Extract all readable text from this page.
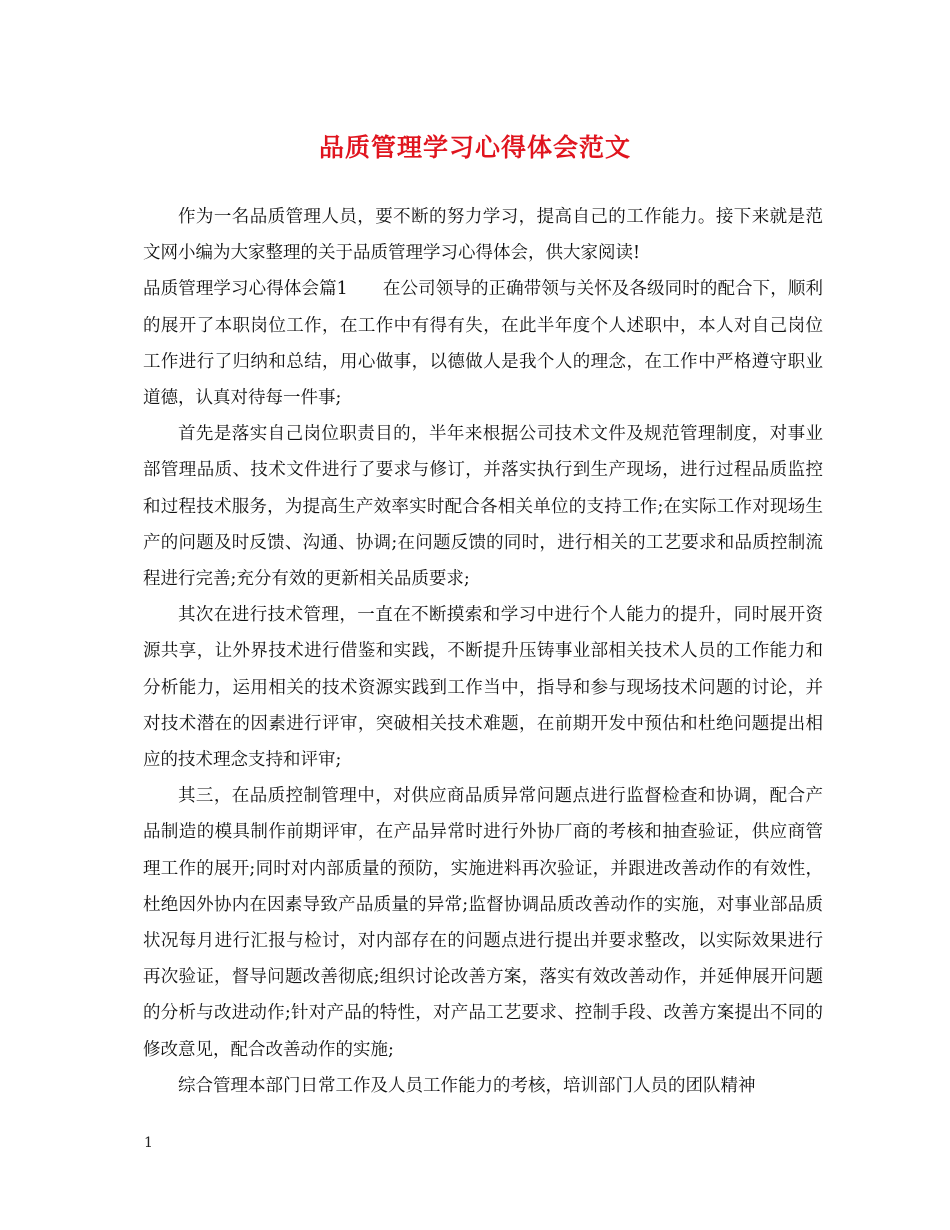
品质管理学习心得体会范文

作为一名品质管理人员，要不断的努力学习，提高自己的工作能力。接下来就是范文网小编为大家整理的关于品质管理学习心得体会，供大家阅读!

品质管理学习心得体会篇1 在公司领导的正确带领与关怀及各级同时的配合下，顺利的展开了本职岗位工作，在工作中有得有失，在此半年度个人述职中，本人对自己岗位工作进行了归纳和总结，用心做事，以德做人是我个人的理念，在工作中严格遵守职业道德，认真对待每一件事;

首先是落实自己岗位职责目的，半年来根据公司技术文件及规范管理制度，对事业部管理品质、技术文件进行了要求与修订，并落实执行到生产现场，进行过程品质监控和过程技术服务，为提高生产效率实时配合各相关单位的支持工作;在实际工作对现场生产的问题及时反馈、沟通、协调;在问题反馈的同时，进行相关的工艺要求和品质控制流程进行完善;充分有效的更新相关品质要求;

其次在进行技术管理，一直在不断摸索和学习中进行个人能力的提升，同时展开资源共享，让外界技术进行借鉴和实践，不断提升压铸事业部相关技术人员的工作能力和分析能力，运用相关的技术资源实践到工作当中，指导和参与现场技术问题的讨论，并对技术潜在的因素进行评审，突破相关技术难题，在前期开发中预估和杜绝问题提出相应的技术理念支持和评审;

其三，在品质控制管理中，对供应商品质异常问题点进行监督检查和协调，配合产品制造的模具制作前期评审，在产品异常时进行外协厂商的考核和抽查验证，供应商管理工作的展开;同时对内部质量的预防，实施进料再次验证，并跟进改善动作的有效性，杜绝因外协内在因素导致产品质量的异常;监督协调品质改善动作的实施，对事业部品质状况每月进行汇报与检讨，对内部存在的问题点进行提出并要求整改，以实际效果进行再次验证，督导问题改善彻底;组织讨论改善方案，落实有效改善动作，并延伸展开问题的分析与改进动作;针对产品的特性，对产品工艺要求、控制手段、改善方案提出不同的修改意见，配合改善动作的实施;

综合管理本部门日常工作及人员工作能力的考核，培训部门人员的团队精神

1
